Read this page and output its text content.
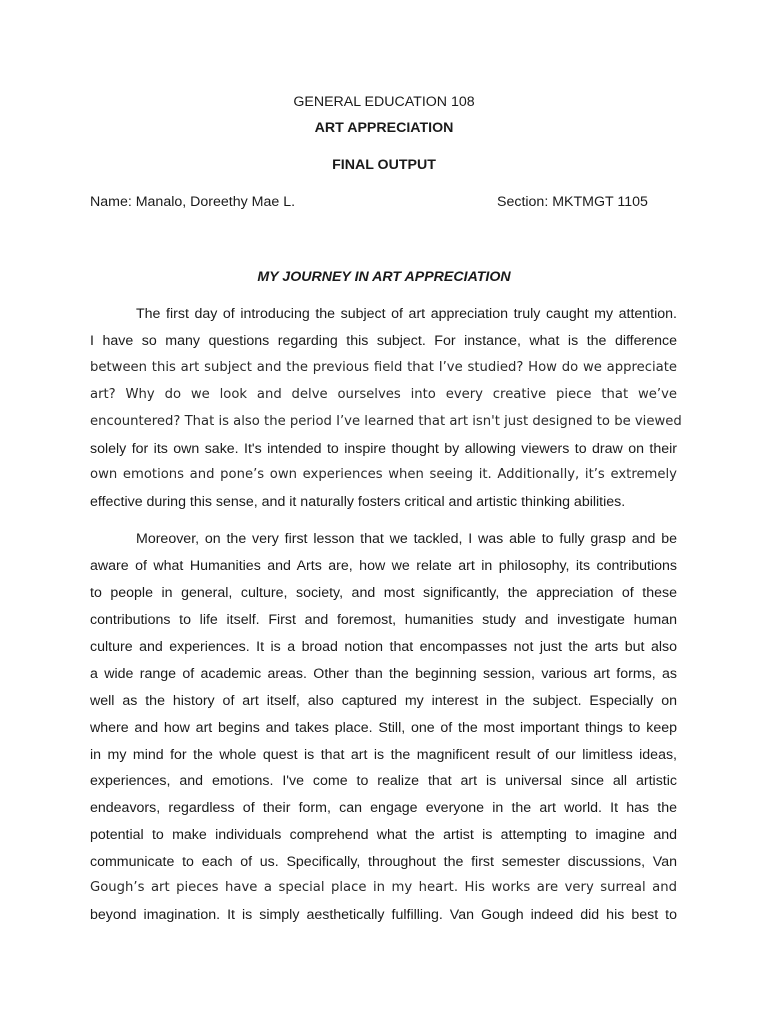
GENERAL EDUCATION 108
ART APPRECIATION
FINAL OUTPUT
Name: Manalo, Doreethy Mae L.	Section: MKTMGT 1105
MY JOURNEY IN ART APPRECIATION
The first day of introducing the subject of art appreciation truly caught my attention.
I have so many questions regarding this subject. For instance, what is the difference
between this art subject and the previous field that I’ve studied? How do we appreciate
art? Why do we look and delve ourselves into every creative piece that we’ve
encountered? That is also the period I’ve learned that art isn't just designed to be viewed
solely for its own sake. It's intended to inspire thought by allowing viewers to draw on their
own emotions and pone’s own experiences when seeing it. Additionally, it’s extremely
effective during this sense, and it naturally fosters critical and artistic thinking abilities.
Moreover, on the very first lesson that we tackled, I was able to fully grasp and be
aware of what Humanities and Arts are, how we relate art in philosophy, its contributions
to people in general, culture, society, and most significantly, the appreciation of these
contributions to life itself. First and foremost, humanities study and investigate human
culture and experiences. It is a broad notion that encompasses not just the arts but also
a wide range of academic areas. Other than the beginning session, various art forms, as
well as the history of art itself, also captured my interest in the subject. Especially on
where and how art begins and takes place. Still, one of the most important things to keep
in my mind for the whole quest is that art is the magnificent result of our limitless ideas,
experiences, and emotions. I've come to realize that art is universal since all artistic
endeavors, regardless of their form, can engage everyone in the art world. It has the
potential to make individuals comprehend what the artist is attempting to imagine and
communicate to each of us. Specifically, throughout the first semester discussions, Van
Gough’s art pieces have a special place in my heart. His works are very surreal and
beyond imagination. It is simply aesthetically fulfilling. Van Gough indeed did his best to
